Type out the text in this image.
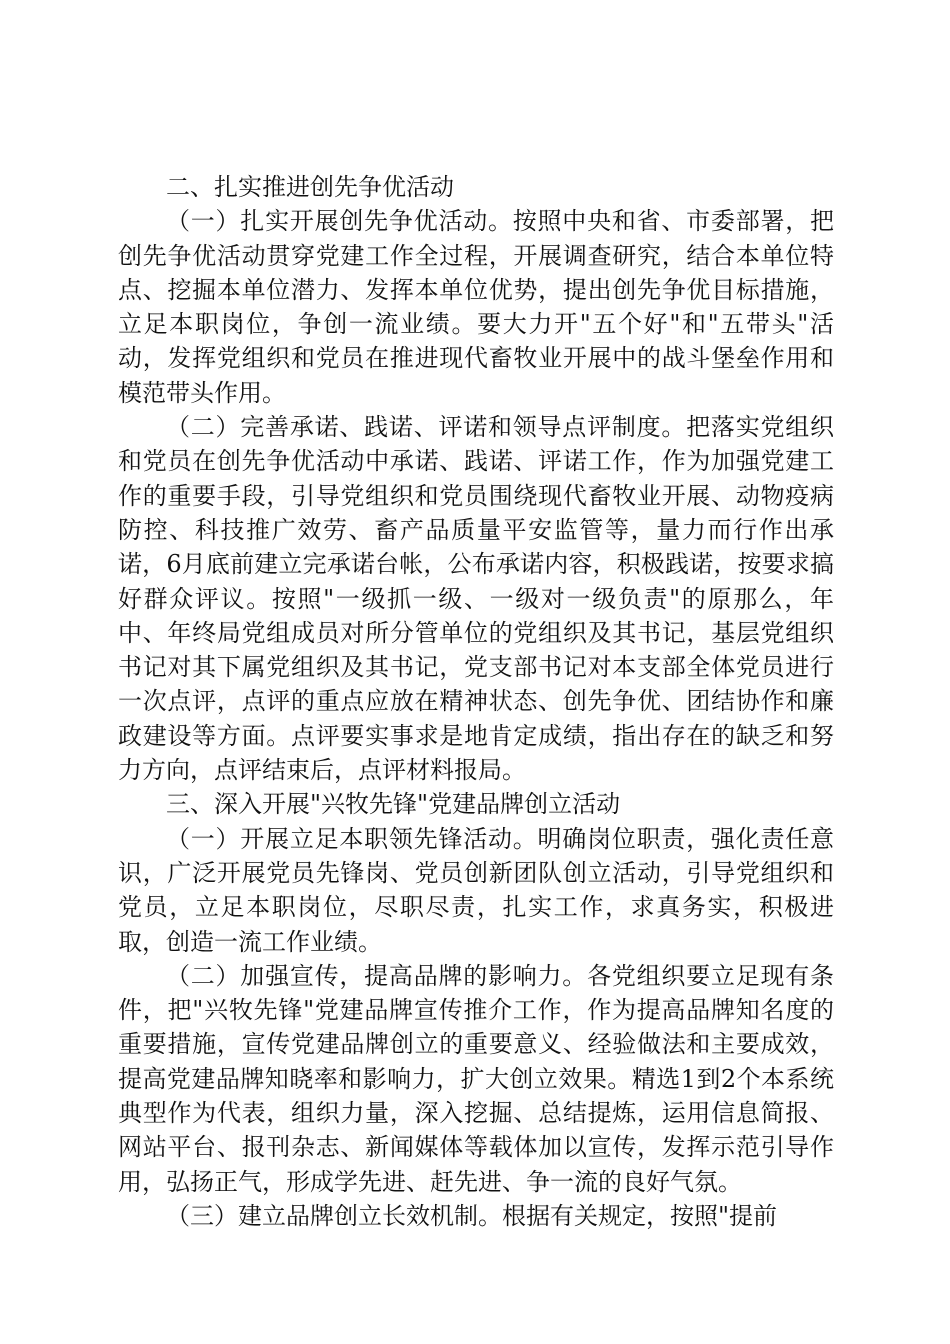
二、扎实推进创先争优活动

（一）扎实开展创先争优活动。按照中央和省、市委部署，把创先争优活动贯穿党建工作全过程，开展调查研究，结合本单位特点、挖掘本单位潜力、发挥本单位优势，提出创先争优目标措施，立足本职岗位，争创一流业绩。要大力开"五个好"和"五带头"活动，发挥党组织和党员在推进现代畜牧业开展中的战斗堡垒作用和模范带头作用。

（二）完善承诺、践诺、评诺和领导点评制度。把落实党组织和党员在创先争优活动中承诺、践诺、评诺工作，作为加强党建工作的重要手段，引导党组织和党员围绕现代畜牧业开展、动物疫病防控、科技推广效劳、畜产品质量平安监管等，量力而行作出承诺，6月底前建立完承诺台帐，公布承诺内容，积极践诺，按要求搞好群众评议。按照"一级抓一级、一级对一级负责"的原那么，年中、年终局党组成员对所分管单位的党组织及其书记，基层党组织书记对其下属党组织及其书记，党支部书记对本支部全体党员进行一次点评，点评的重点应放在精神状态、创先争优、团结协作和廉政建设等方面。点评要实事求是地肯定成绩，指出存在的缺乏和努力方向，点评结束后，点评材料报局。

三、深入开展"兴牧先锋"党建品牌创立活动

（一）开展立足本职领先锋活动。明确岗位职责，强化责任意识，广泛开展党员先锋岗、党员创新团队创立活动，引导党组织和党员，立足本职岗位，尽职尽责，扎实工作，求真务实，积极进取，创造一流工作业绩。

（二）加强宣传，提高品牌的影响力。各党组织要立足现有条件，把"兴牧先锋"党建品牌宣传推介工作，作为提高品牌知名度的重要措施，宣传党建品牌创立的重要意义、经验做法和主要成效，提高党建品牌知晓率和影响力，扩大创立效果。精选1到2个本系统典型作为代表，组织力量，深入挖掘、总结提炼，运用信息简报、网站平台、报刊杂志、新闻媒体等载体加以宣传，发挥示范引导作用，弘扬正气，形成学先进、赶先进、争一流的良好气氛。

（三）建立品牌创立长效机制。根据有关规定，按照"提前
